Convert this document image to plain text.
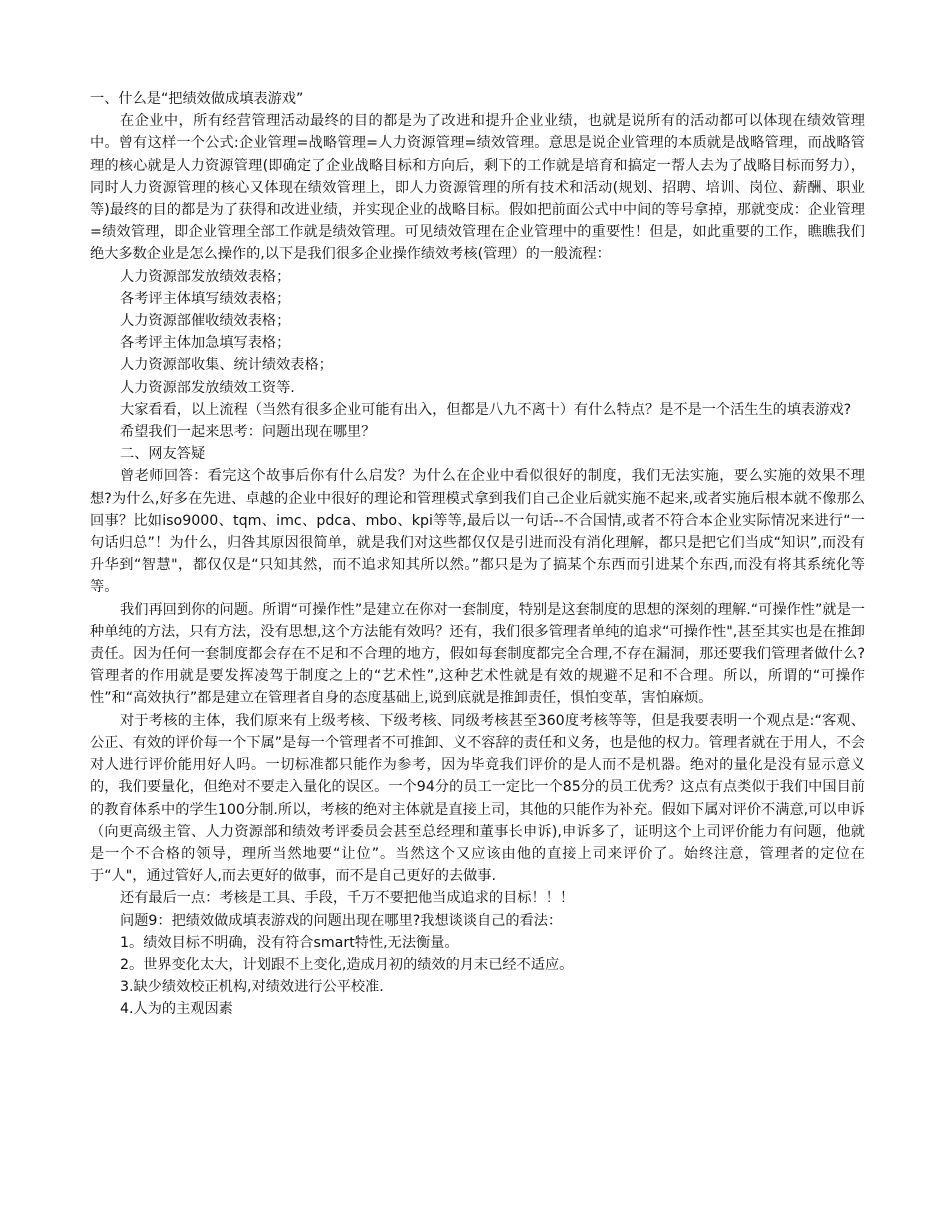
一、什么是“把绩效做成填表游戏”

在企业中，所有经营管理活动最终的目的都是为了改进和提升企业业绩，也就是说所有的活动都可以体现在绩效管理中。曾有这样一个公式:企业管理=战略管理=人力资源管理=绩效管理。意思是说企业管理的本质就是战略管理，而战略管理的核心就是人力资源管理(即确定了企业战略目标和方向后，剩下的工作就是培育和搞定一帮人去为了战略目标而努力），同时人力资源管理的核心又体现在绩效管理上，即人力资源管理的所有技术和活动(规划、招聘、培训、岗位、薪酬、职业等)最终的目的都是为了获得和改进业绩，并实现企业的战略目标。假如把前面公式中中间的等号拿掉，那就变成：企业管理=绩效管理，即企业管理全部工作就是绩效管理。可见绩效管理在企业管理中的重要性！但是，如此重要的工作，瞧瞧我们绝大多数企业是怎么操作的,以下是我们很多企业操作绩效考核(管理）的一般流程：

人力资源部发放绩效表格；

各考评主体填写绩效表格；

人力资源部催收绩效表格；

各考评主体加急填写表格；

人力资源部收集、统计绩效表格；

人力资源部发放绩效工资等.

大家看看，以上流程（当然有很多企业可能有出入，但都是八九不离十）有什么特点？是不是一个活生生的填表游戏?

希望我们一起来思考：问题出现在哪里？

二、网友答疑

曾老师回答：看完这个故事后你有什么启发？为什么在企业中看似很好的制度，我们无法实施，要么实施的效果不理想?为什么,好多在先进、卓越的企业中很好的理论和管理模式拿到我们自己企业后就实施不起来,或者实施后根本就不像那么回事？比如iso9000、tqm、imc、pdca、mbo、kpi等等,最后以一句话--不合国情,或者不符合本企业实际情况来进行“一句话归总”！为什么，归咎其原因很简单，就是我们对这些都仅仅是引进而没有消化理解，都只是把它们当成“知识”,而没有升华到“智慧"，都仅仅是“只知其然，而不追求知其所以然。”都只是为了搞某个东西而引进某个东西,而没有将其系统化等等。

我们再回到你的问题。所谓“可操作性”是建立在你对一套制度，特别是这套制度的思想的深刻的理解.“可操作性”就是一种单纯的方法，只有方法，没有思想,这个方法能有效吗？还有，我们很多管理者单纯的追求“可操作性",甚至其实也是在推卸责任。因为任何一套制度都会存在不足和不合理的地方，假如每套制度都完全合理,不存在漏洞，那还要我们管理者做什么?管理者的作用就是要发挥凌驾于制度之上的“艺术性”,这种艺术性就是有效的规避不足和不合理。所以，所谓的“可操作性”和“高效执行”都是建立在管理者自身的态度基础上,说到底就是推卸责任，惧怕变革，害怕麻烦。

对于考核的主体，我们原来有上级考核、下级考核、同级考核甚至360度考核等等，但是我要表明一个观点是:“客观、公正、有效的评价每一个下属”是每一个管理者不可推卸、义不容辞的责任和义务，也是他的权力。管理者就在于用人，不会对人进行评价能用好人吗。一切标准都只能作为参考，因为毕竟我们评价的是人而不是机器。绝对的量化是没有显示意义的，我们要量化，但绝对不要走入量化的误区。一个94分的员工一定比一个85分的员工优秀？这点有点类似于我们中国目前的教育体系中的学生100分制.所以，考核的绝对主体就是直接上司，其他的只能作为补充。假如下属对评价不满意,可以申诉（向更高级主管、人力资源部和绩效考评委员会甚至总经理和董事长申诉),申诉多了，证明这个上司评价能力有问题，他就是一个不合格的领导，理所当然地要“让位”。当然这个又应该由他的直接上司来评价了。始终注意，管理者的定位在于“人"，通过管好人,而去更好的做事，而不是自己更好的去做事.

还有最后一点：考核是工具、手段，千万不要把他当成追求的目标！！！

问题9：把绩效做成填表游戏的问题出现在哪里?我想谈谈自己的看法：

1。绩效目标不明确，没有符合smart特性,无法衡量。

2。世界变化太大，计划跟不上变化,造成月初的绩效的月末已经不适应。

3.缺少绩效校正机构,对绩效进行公平校准.

4.人为的主观因素
